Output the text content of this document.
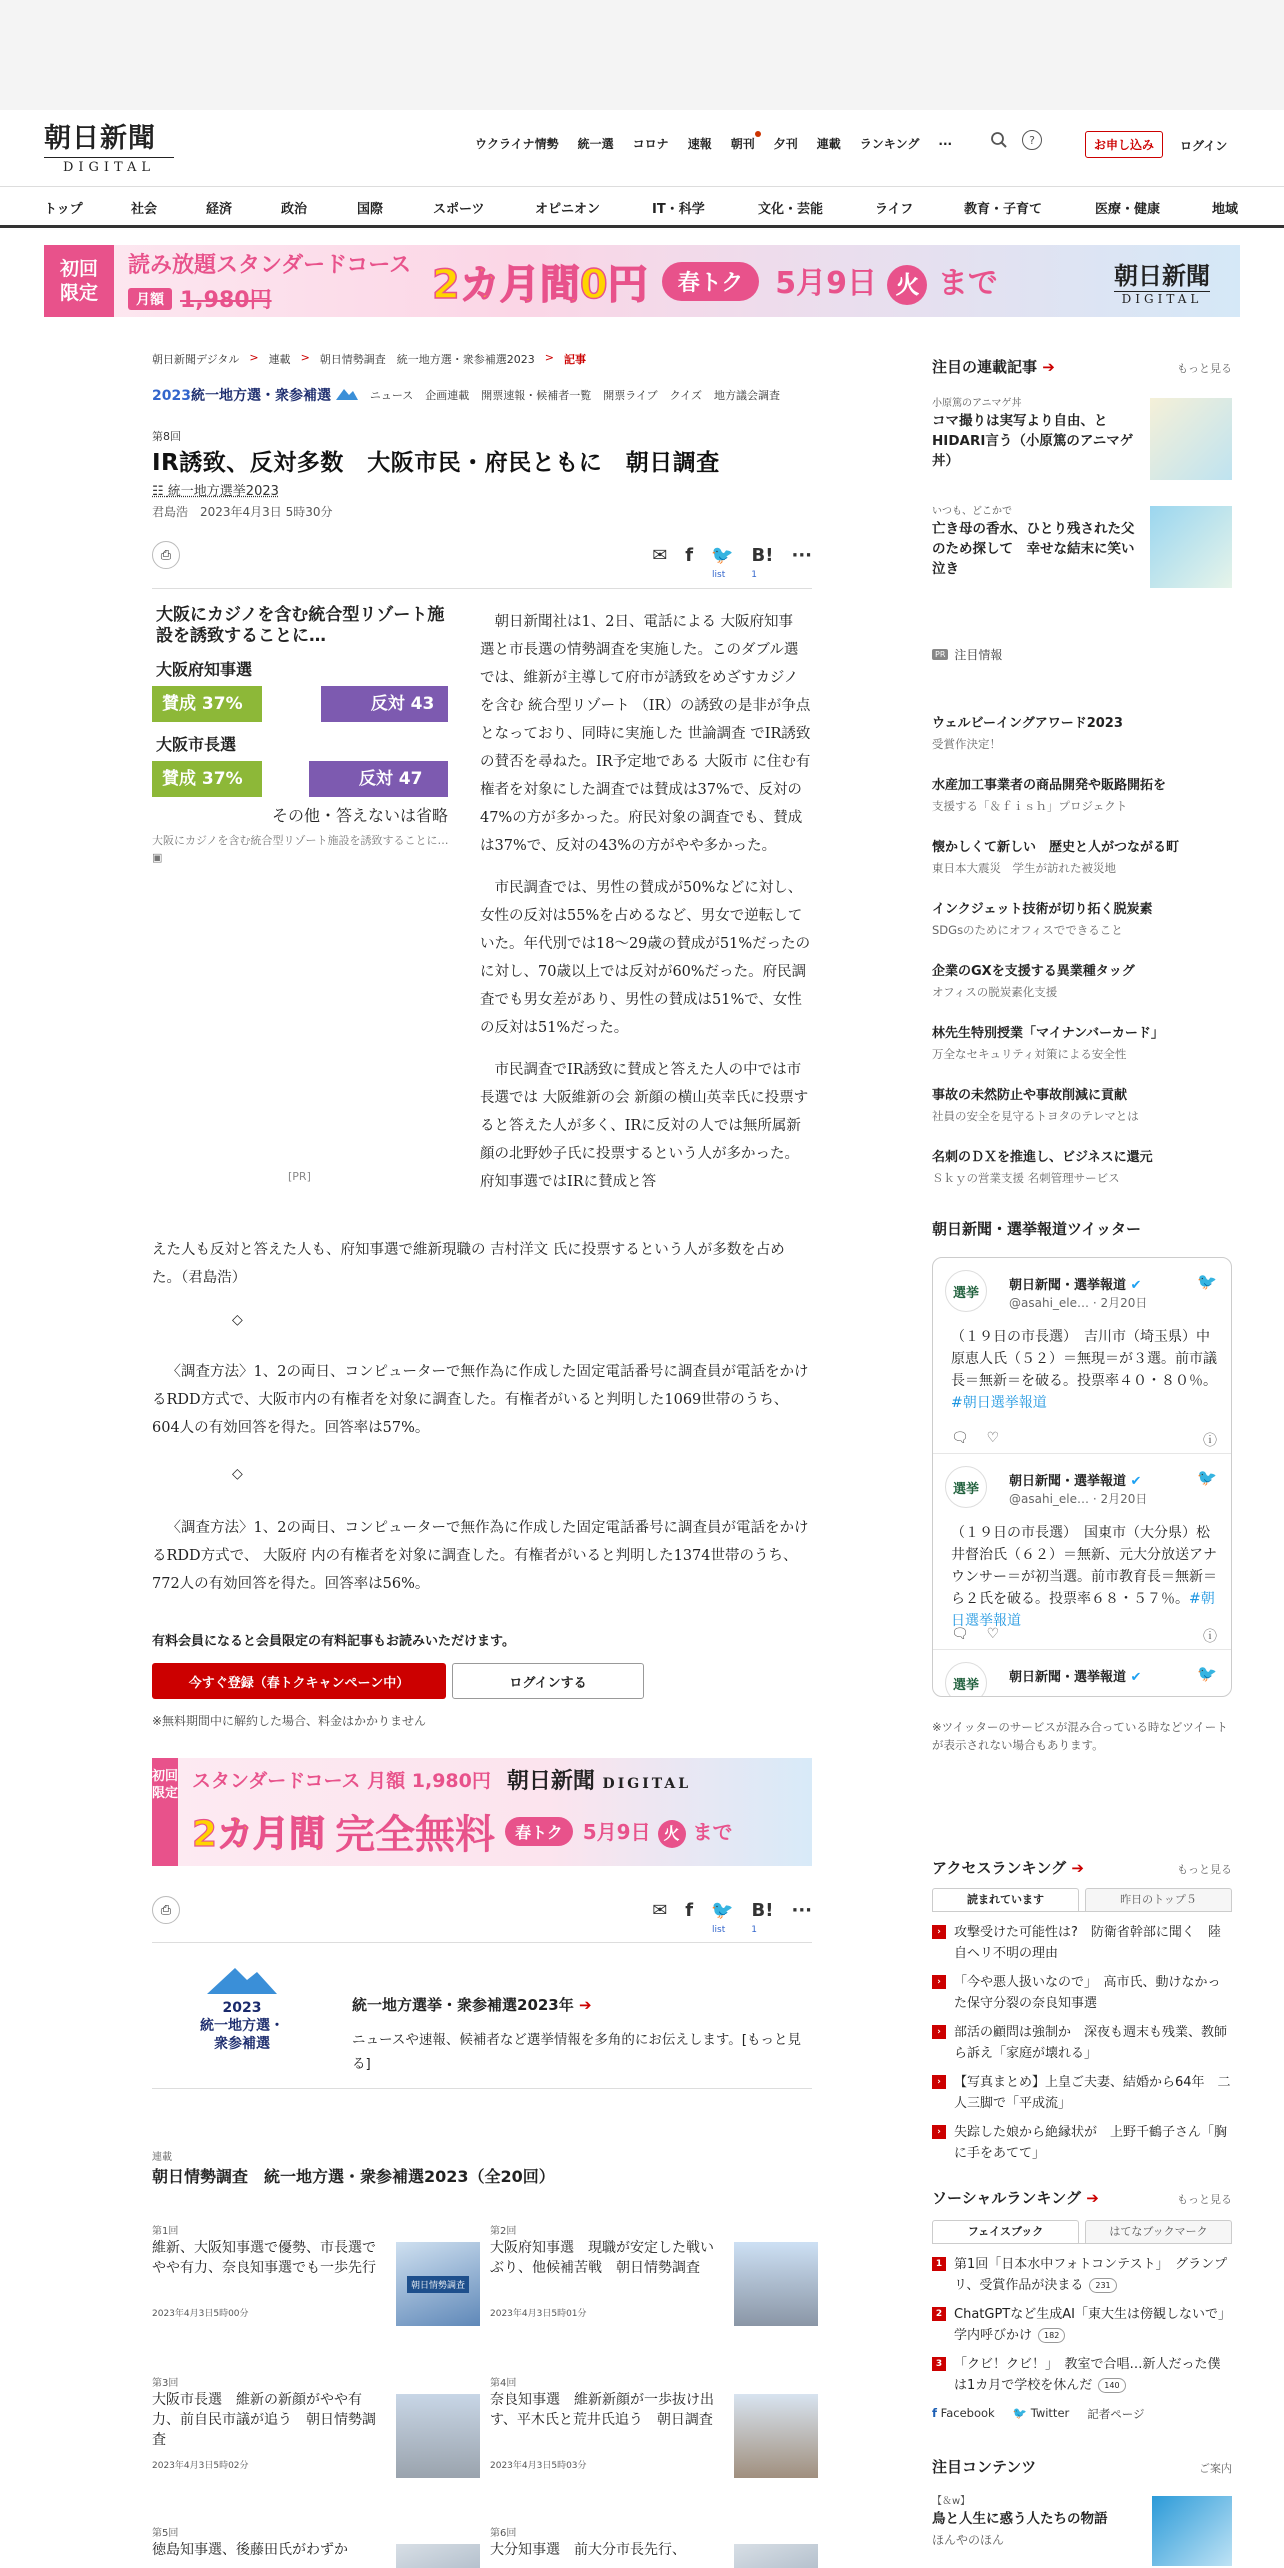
朝日新聞
DIGITAL
ウクライナ情勢 統一選 コロナ 速報 朝刊 夕刊 連載 ランキング ···	?	お申し込み	ログイン
トップ	社会	経済	政治	国際	スポーツ	オピニオン	IT・科学	文化・芸能	ライフ	教育・子育て	医療・健康	地域
初回
限定
読み放題スタンダードコース
月額 1,980円	2カ月間0円	春トク	5月9日 火 まで	朝日新聞
DIGITAL
朝日新聞デジタル > 連載 > 朝日情勢調査　統一地方選・衆参補選2023 > 記事
2023統一地方選・衆参補選	ニュース 企画連載 開票速報・候補者一覧 開票ライブ クイズ 地方議会調査
第8回
IR誘致、反対多数　大阪市民・府民ともに　朝日調査
☷ 統一地方選挙2023
君島浩　2023年4月3日 5時30分
⎙	✉ f 🐦 B! ···
list	1
大阪にカジノを含む統合型リゾート施設を誘致することに…
大阪府知事選
賛成 37%	反対 43
大阪市長選
賛成 37%	反対 47
その他・答えないは省略
大阪にカジノを含む統合型リゾート施設を誘致することに… ▣
[PR]

朝日新聞社は1、2日、電話による 大阪府知事 選と市長選の情勢調査を実施した。このダブル選では、維新が主導して府市が誘致をめざすカジノを含む 統合型リゾート （IR）の誘致の是非が争点となっており、同時に実施した 世論調査 でIR誘致の賛否を尋ねた。IR予定地である 大阪市 に住む有権者を対象にした調査では賛成は37%で、反対の47%の方が多かった。府民対象の調査でも、賛成は37%で、反対の43%の方がやや多かった。

市民調査では、男性の賛成が50%などに対し、女性の反対は55%を占めるなど、男女で逆転していた。年代別では18～29歳の賛成が51%だったのに対し、70歳以上では反対が60%だった。府民調査でも男女差があり、男性の賛成は51%で、女性の反対は51%だった。

市民調査でIR誘致に賛成と答えた人の中では市長選では 大阪維新の会 新顔の横山英幸氏に投票すると答えた人が多く、IRに反対の人では無所属新顔の北野妙子氏に投票するという人が多かった。府知事選ではIRに賛成と答

えた人も反対と答えた人も、府知事選で維新現職の 吉村洋文 氏に投票するという人が多数を占めた。（君島浩）
◇
〈調査方法〉1、2の両日、コンピューターで無作為に作成した固定電話番号に調査員が電話をかけるRDD方式で、大阪市内の有権者を対象に調査した。有権者がいると判明した1069世帯のうち、604人の有効回答を得た。回答率は57%。
◇
〈調査方法〉1、2の両日、コンピューターで無作為に作成した固定電話番号に調査員が電話をかけるRDD方式で、 大阪府 内の有権者を対象に調査した。有権者がいると判明した1374世帯のうち、772人の有効回答を得た。回答率は56%。
有料会員になると会員限定の有料記事もお読みいただけます。
今すぐ登録（春トクキャンペーン中）	ログインする
※無料期間中に解約した場合、料金はかかりません
初回限定
スタンダードコース 月額 1,980円 朝日新聞 DIGITAL
2カ月間 完全無料	春トク	5月9日 火 まで
⎙	✉ f 🐦 B! ···
list	1
2023
統一地方選・
衆参補選
統一地方選挙・衆参補選2023年 ➔
ニュースや速報、候補者など選挙情報を多角的にお伝えします。[もっと見る]
連載
朝日情勢調査　統一地方選・衆参補選2023（全20回）
第1回
維新、大阪知事選で優勢、市長選でやや有力、奈良知事選でも一歩先行
2023年4月3日5時00分
朝日情勢調査
第2回
大阪府知事選　現職が安定した戦いぶり、他候補苦戦　朝日情勢調査
2023年4月3日5時01分
第3回
大阪市長選　維新の新顔がやや有力、前自民市議が追う　朝日情勢調査
2023年4月3日5時02分
第4回
奈良知事選　維新新顔が一歩抜け出す、平木氏と荒井氏追う　朝日調査
2023年4月3日5時03分
第5回
徳島知事選、後藤田氏がわずか
第6回
大分知事選　前大分市長先行、
注目の連載記事 ➔	もっと見る
小原篤のアニマゲ丼
コマ撮りは実写より自由、とHIDARI言う（小原篤のアニマゲ丼）
いつも、どこかで
亡き母の香水、ひとり残された父のため探して　幸せな結末に笑い泣き
PR 注目情報
ウェルビーイングアワード2023
受賞作決定！
水産加工事業者の商品開発や販路開拓を
支援する「＆ｆｉｓｈ」プロジェクト
懐かしくて新しい　歴史と人がつながる町
東日本大震災　学生が訪れた被災地
インクジェット技術が切り拓く脱炭素
SDGsのためにオフィスでできること
企業のGXを支援する異業種タッグ
オフィスの脱炭素化支援
林先生特別授業「マイナンバーカード」
万全なセキュリティ対策による安全性
事故の未然防止や事故削減に貢献
社員の安全を見守るトヨタのテレマとは
名刺のＤＸを推進し、ビジネスに還元
Ｓｋｙの営業支援 名刺管理サービス
朝日新聞・選挙報道ツイッター
選挙	朝日新聞・選挙報道 ✔
@asahi_ele… · 2月20日
🐦
（１９日の市長選）　吉川市（埼玉県）中原恵人氏（５２）＝無現＝が３選。前市議長＝無新＝を破る。投票率４０・８０％。#朝日選挙報道
🗨 ♡	ⓘ
選挙	朝日新聞・選挙報道 ✔
@asahi_ele… · 2月20日
🐦
（１９日の市長選）　国東市（大分県）松井督治氏（６２）＝無新、元大分放送アナウンサー＝が初当選。前市教育長＝無新＝ら２氏を破る。投票率６８・５７％。#朝日選挙報道
🗨 ♡	ⓘ
選挙	朝日新聞・選挙報道 ✔	🐦
※ツイッターのサービスが混み合っている時などツイートが表示されない場合もあります。
アクセスランキング ➔	もっと見る
読まれています	昨日のトップ５
›	攻撃受けた可能性は?　防衛省幹部に聞く　陸自ヘリ不明の理由
›	「今や悪人扱いなので」　高市氏、動けなかった保守分裂の奈良知事選
›	部活の顧問は強制か　深夜も週末も残業、教師ら訴え「家庭が壊れる」
›	【写真まとめ】上皇ご夫妻、結婚から64年　二人三脚で「平成流」
›	失踪した娘から絶縁状が　上野千鶴子さん「胸に手をあてて」
ソーシャルランキング ➔	もっと見る
フェイスブック	はてなブックマーク
1 第1回「日本水中フォトコンテスト」　グランプリ、受賞作品が決まる 231
2 ChatGPTなど生成AI「東大生は傍観しないで」　学内呼びかけ 182
3 「クビ！クビ！」　教室で合唱…新人だった僕は1カ月で学校を休んだ 140
f Facebook 🐦 Twitter 記者ページ
注目コンテンツ	ご案内
【＆w】
鳥と人生に惑う人たちの物語
ほんやのほん
